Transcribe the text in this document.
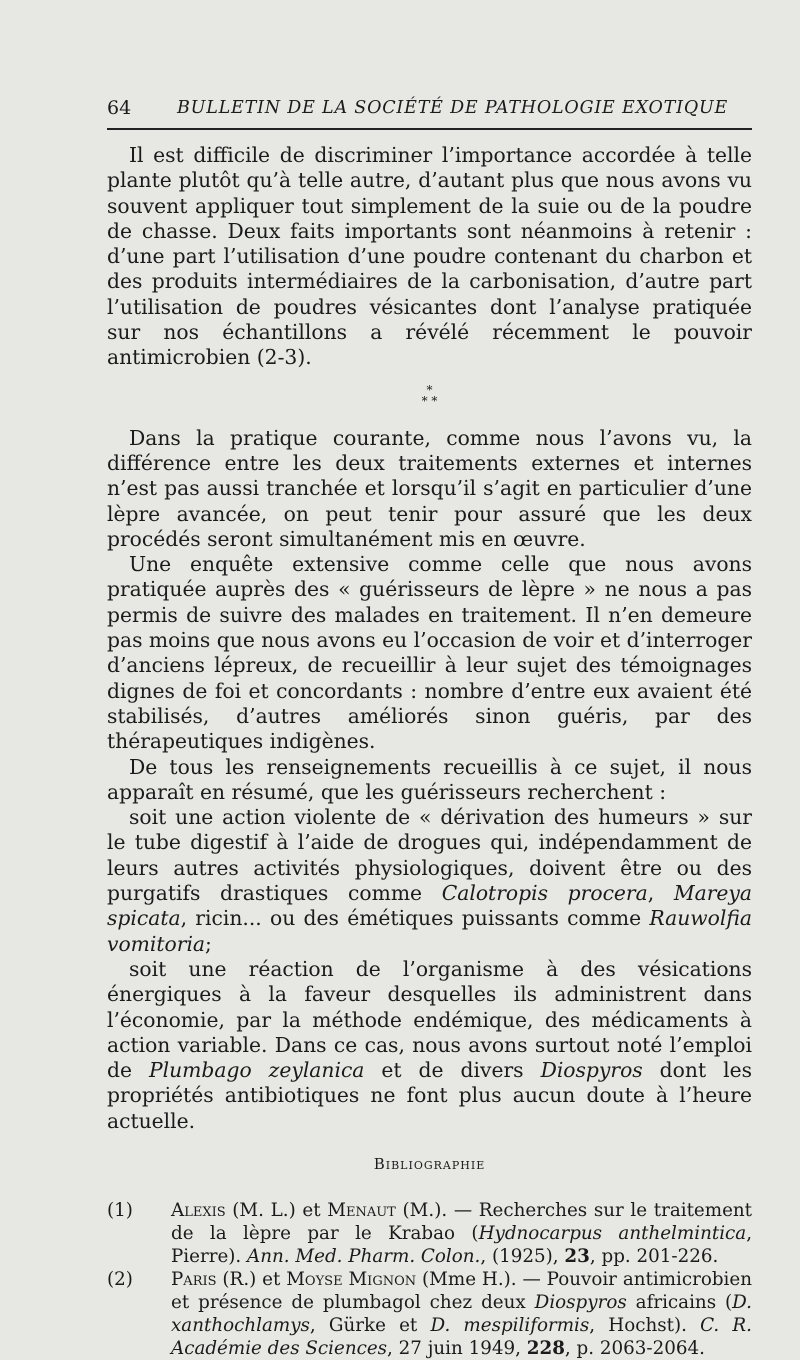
64	BULLETIN DE LA SOCIÉTÉ DE PATHOLOGIE EXOTIQUE

Il est difficile de discriminer l’importance accordée à telle plante plutôt qu’à telle autre, d’autant plus que nous avons vu souvent appliquer tout simplement de la suie ou de la poudre de chasse. Deux faits importants sont néanmoins à retenir : d’une part l’utilisation d’une poudre contenant du charbon et des produits intermédiaires de la carbonisation, d’autre part l’utilisation de poudres vésicantes dont l’analyse pratiquée sur nos échantillons a révélé récemment le pouvoir antimicrobien (2-3).

*
* *

Dans la pratique courante, comme nous l’avons vu, la différence entre les deux traitements externes et internes n’est pas aussi tranchée et lorsqu’il s’agit en particulier d’une lèpre avancée, on peut tenir pour assuré que les deux procédés seront simultanément mis en œuvre.

Une enquête extensive comme celle que nous avons pratiquée auprès des « guérisseurs de lèpre » ne nous a pas permis de suivre des malades en traitement. Il n’en demeure pas moins que nous avons eu l’occasion de voir et d’interroger d’anciens lépreux, de recueillir à leur sujet des témoignages dignes de foi et concordants : nombre d’entre eux avaient été stabilisés, d’autres améliorés sinon guéris, par des thérapeutiques indigènes.

De tous les renseignements recueillis à ce sujet, il nous apparaît en résumé, que les guérisseurs recherchent :

soit une action violente de « dérivation des humeurs » sur le tube digestif à l’aide de drogues qui, indépendamment de leurs autres activités physiologiques, doivent être ou des purgatifs drastiques comme Calotropis procera, Mareya spicata, ricin... ou des émétiques puissants comme Rauwolfia vomitoria;

soit une réaction de l’organisme à des vésications énergiques à la faveur desquelles ils administrent dans l’économie, par la méthode endémique, des médicaments à action variable. Dans ce cas, nous avons surtout noté l’emploi de Plumbago zeylanica et de divers Diospyros dont les propriétés antibiotiques ne font plus aucun doute à l’heure actuelle.

Bibliographie
(1) Alexis (M. L.) et Menaut (M.). — Recherches sur le traitement de la lèpre par le Krabao (Hydnocarpus anthelmintica, Pierre). Ann. Med. Pharm. Colon., (1925), 23, pp. 201-226.
(2) Paris (R.) et Moyse Mignon (Mme H.). — Pouvoir antimicrobien et présence de plumbagol chez deux Diospyros africains (D. xanthochlamys, Gürke et D. mespiliformis, Hochst). C. R. Académie des Sciences, 27 juin 1949, 228, p. 2063-2064.
